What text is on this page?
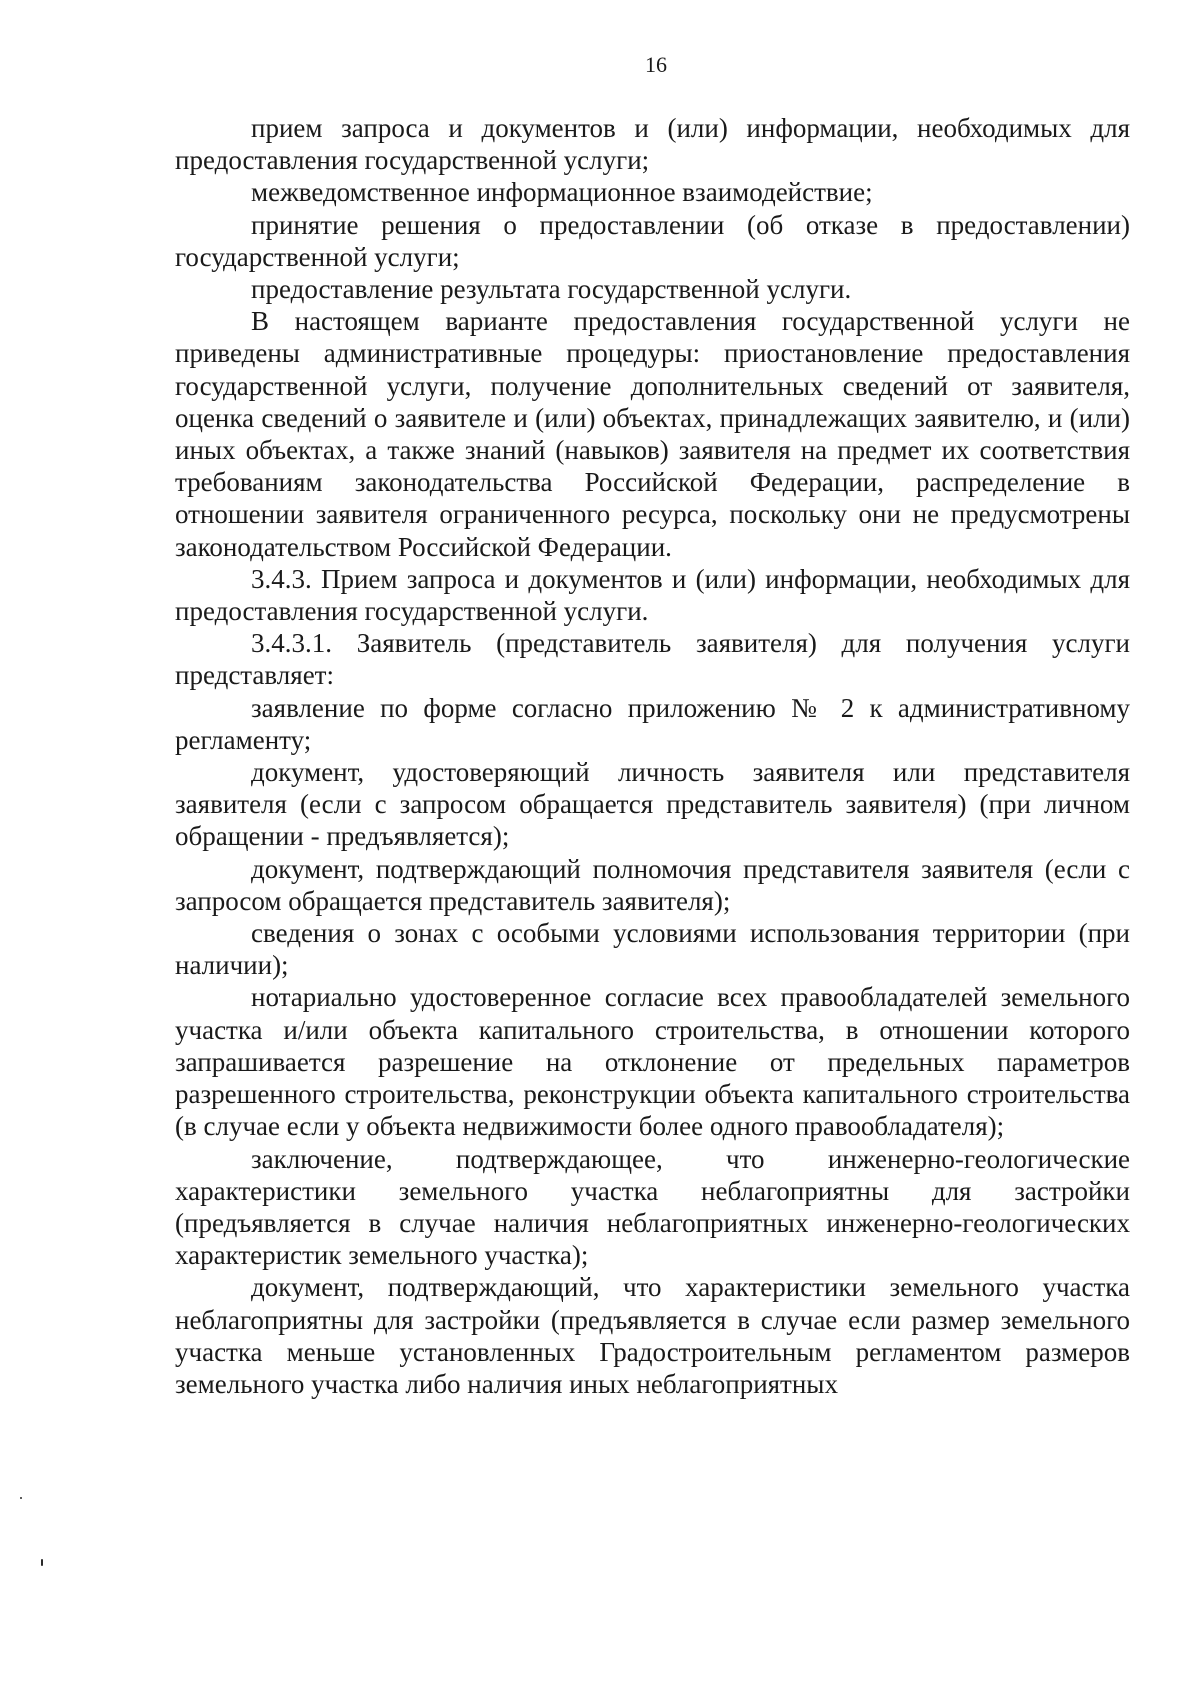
16

прием запроса и документов и (или) информации, необходимых для предоставления государственной услуги;

межведомственное информационное взаимодействие;

принятие решения о предоставлении (об отказе в предоставлении) государственной услуги;

предоставление результата государственной услуги.

В настоящем варианте предоставления государственной услуги не приведены административные процедуры: приостановление предоставления государственной услуги, получение дополнительных сведений от заявителя, оценка сведений о заявителе и (или) объектах, принадлежащих заявителю, и (или) иных объектах, а также знаний (навыков) заявителя на предмет их соответствия требованиям законодательства Российской Федерации, распределение в отношении заявителя ограниченного ресурса, поскольку они не предусмотрены законодательством Российской Федерации.

3.4.3. Прием запроса и документов и (или) информации, необходимых для предоставления государственной услуги.

3.4.3.1. Заявитель (представитель заявителя) для получения услуги представляет:

заявление по форме согласно приложению № 2 к административному регламенту;

документ, удостоверяющий личность заявителя или представителя заявителя (если с запросом обращается представитель заявителя) (при личном обращении - предъявляется);

документ, подтверждающий полномочия представителя заявителя (если с запросом обращается представитель заявителя);

сведения о зонах с особыми условиями использования территории (при наличии);

нотариально удостоверенное согласие всех правообладателей земельного участка и/или объекта капитального строительства, в отношении которого запрашивается разрешение на отклонение от предельных параметров разрешенного строительства, реконструкции объекта капитального строительства (в случае если у объекта недвижимости более одного правообладателя);

заключение, подтверждающее, что инженерно-геологические характеристики земельного участка неблагоприятны для застройки (предъявляется в случае наличия неблагоприятных инженерно-геологических характеристик земельного участка);

документ, подтверждающий, что характеристики земельного участка неблагоприятны для застройки (предъявляется в случае если размер земельного участка меньше установленных Градостроительным регламентом размеров земельного участка либо наличия иных неблагоприятных
